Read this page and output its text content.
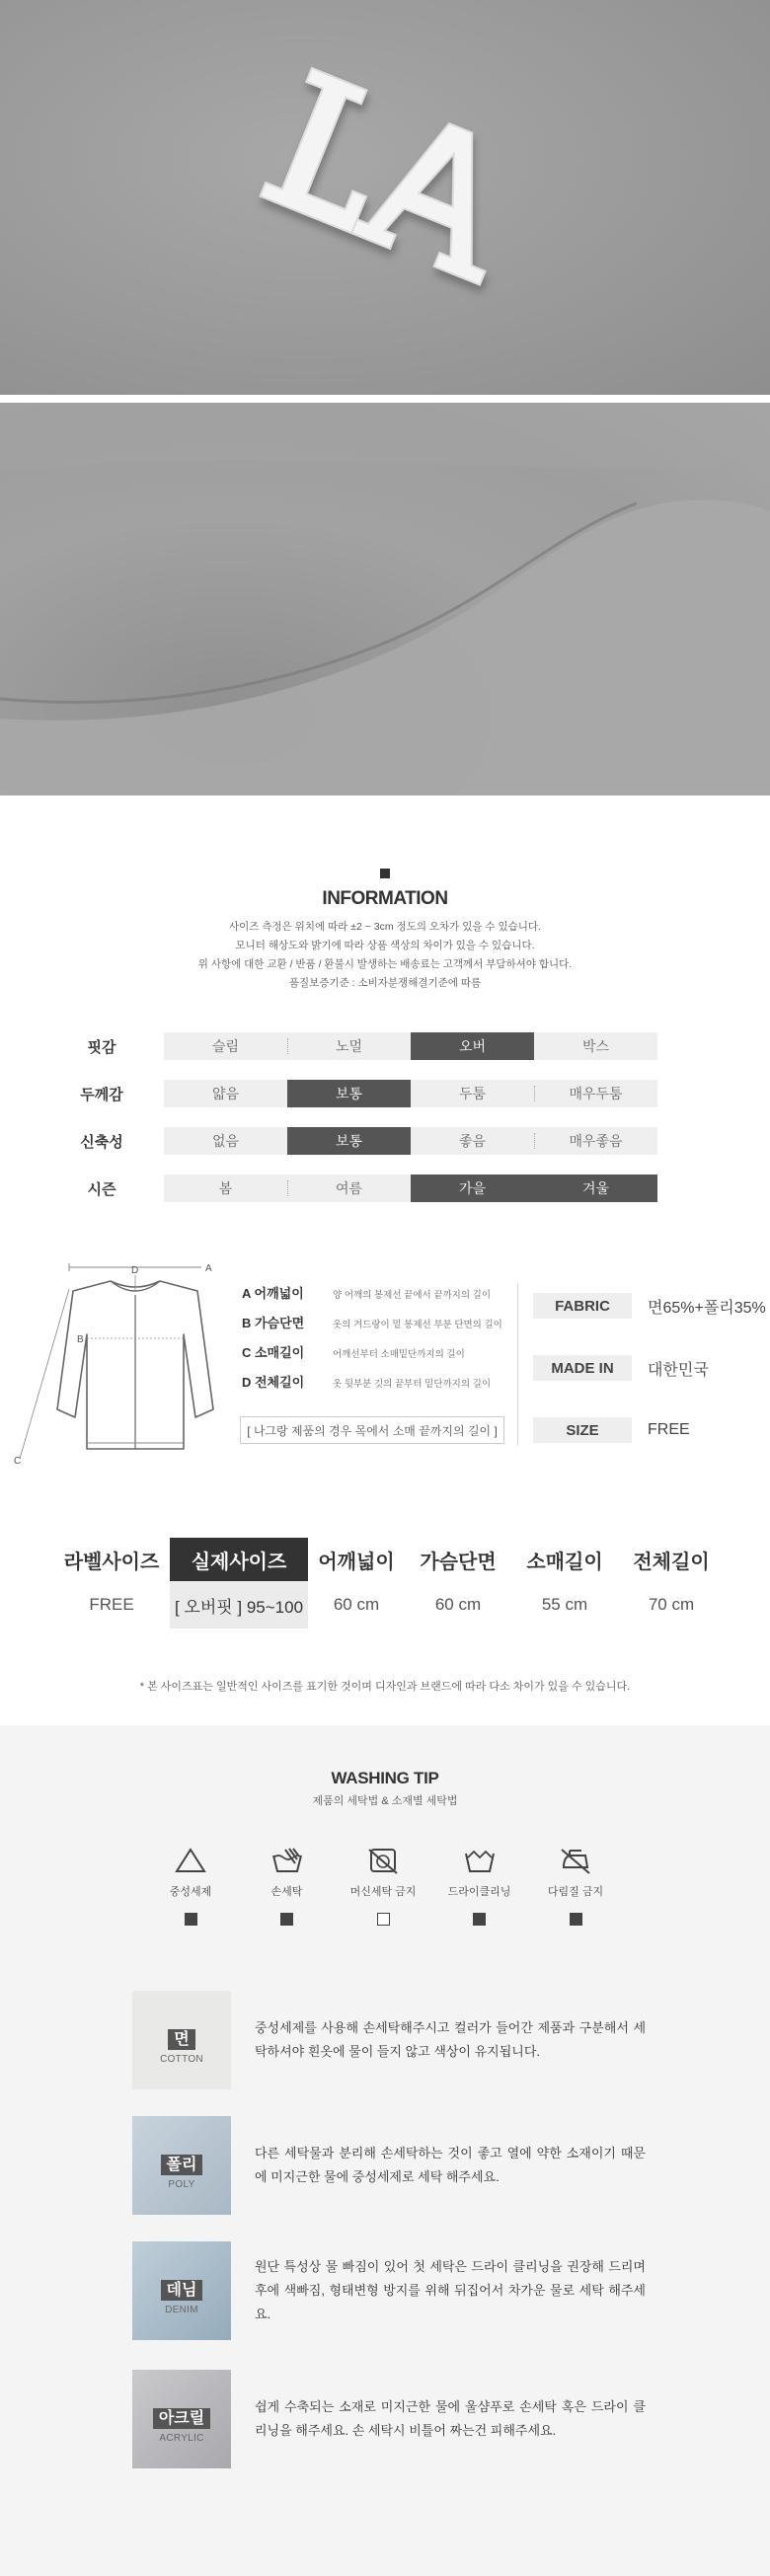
INFORMATION
사이즈 측정은 위치에 따라 ±2 ~ 3cm 정도의 오차가 있을 수 있습니다.
모니터 해상도와 밝기에 따라 상품 색상의 차이가 있을 수 있습니다.
위 사항에 대한 교환 / 반품 / 환불시 발생하는 배송료는 고객께서 부담하셔야 합니다.
품질보증기준 : 소비자분쟁해결기준에 따름
핏감	슬림	노멀	오버	박스
두께감	얇음	보통	두툼	매우두툼
신축성	없음	보통	좋음	매우좋음
시즌	봄	여름	가을	겨울
A
D
B
C
A 어깨넓이	양 어깨의 봉제선 끝에서 끝까지의 길이
B 가슴단면	옷의 겨드랑이 밑 봉제선 부분 단면의 길이
C 소매길이	어깨선부터 소매밑단까지의 길이
D 전체길이	옷 뒷부분 깃의 끝부터 밑단까지의 길이
[ 나그랑 제품의 경우 목에서 소매 끝까지의 길이 ]
FABRIC	면65%+폴리35%
MADE IN	대한민국
SIZE	FREE
라벨사이즈	실제사이즈	어깨넓이	가슴단면	소매길이	전체길이
FREE	[ 오버핏 ] 95~100	60 cm	60 cm	55 cm	70 cm
* 본 사이즈표는 일반적인 사이즈를 표기한 것이며 디자인과 브랜드에 따라 다소 차이가 있을 수 있습니다.
WASHING TIP
제품의 세탁법 & 소재별 세탁법
중성세제	손세탁	머신세탁 금지	드라이클리닝	다림질 금지
면
COTTON
중성세제를 사용해 손세탁해주시고 컬러가 들어간 제품과 구분해서 세탁하셔야 흰옷에 물이 들지 않고 색상이 유지됩니다.
폴리
POLY
다른 세탁물과 분리해 손세탁하는 것이 좋고 열에 약한 소재이기 때문에 미지근한 물에 중성세제로 세탁 해주세요.
데님
DENIM
원단 특성상 물 빠짐이 있어 첫 세탁은 드라이 클리닝을 권장해 드리며 후에 색빠짐, 형태변형 방지를 위해 뒤집어서 차가운 물로 세탁 해주세요.
아크릴
ACRYLIC
쉽게 수축되는 소재로 미지근한 물에 울샴푸로 손세탁 혹은 드라이 클리닝을 해주세요. 손 세탁시 비틀어 짜는건 피해주세요.
